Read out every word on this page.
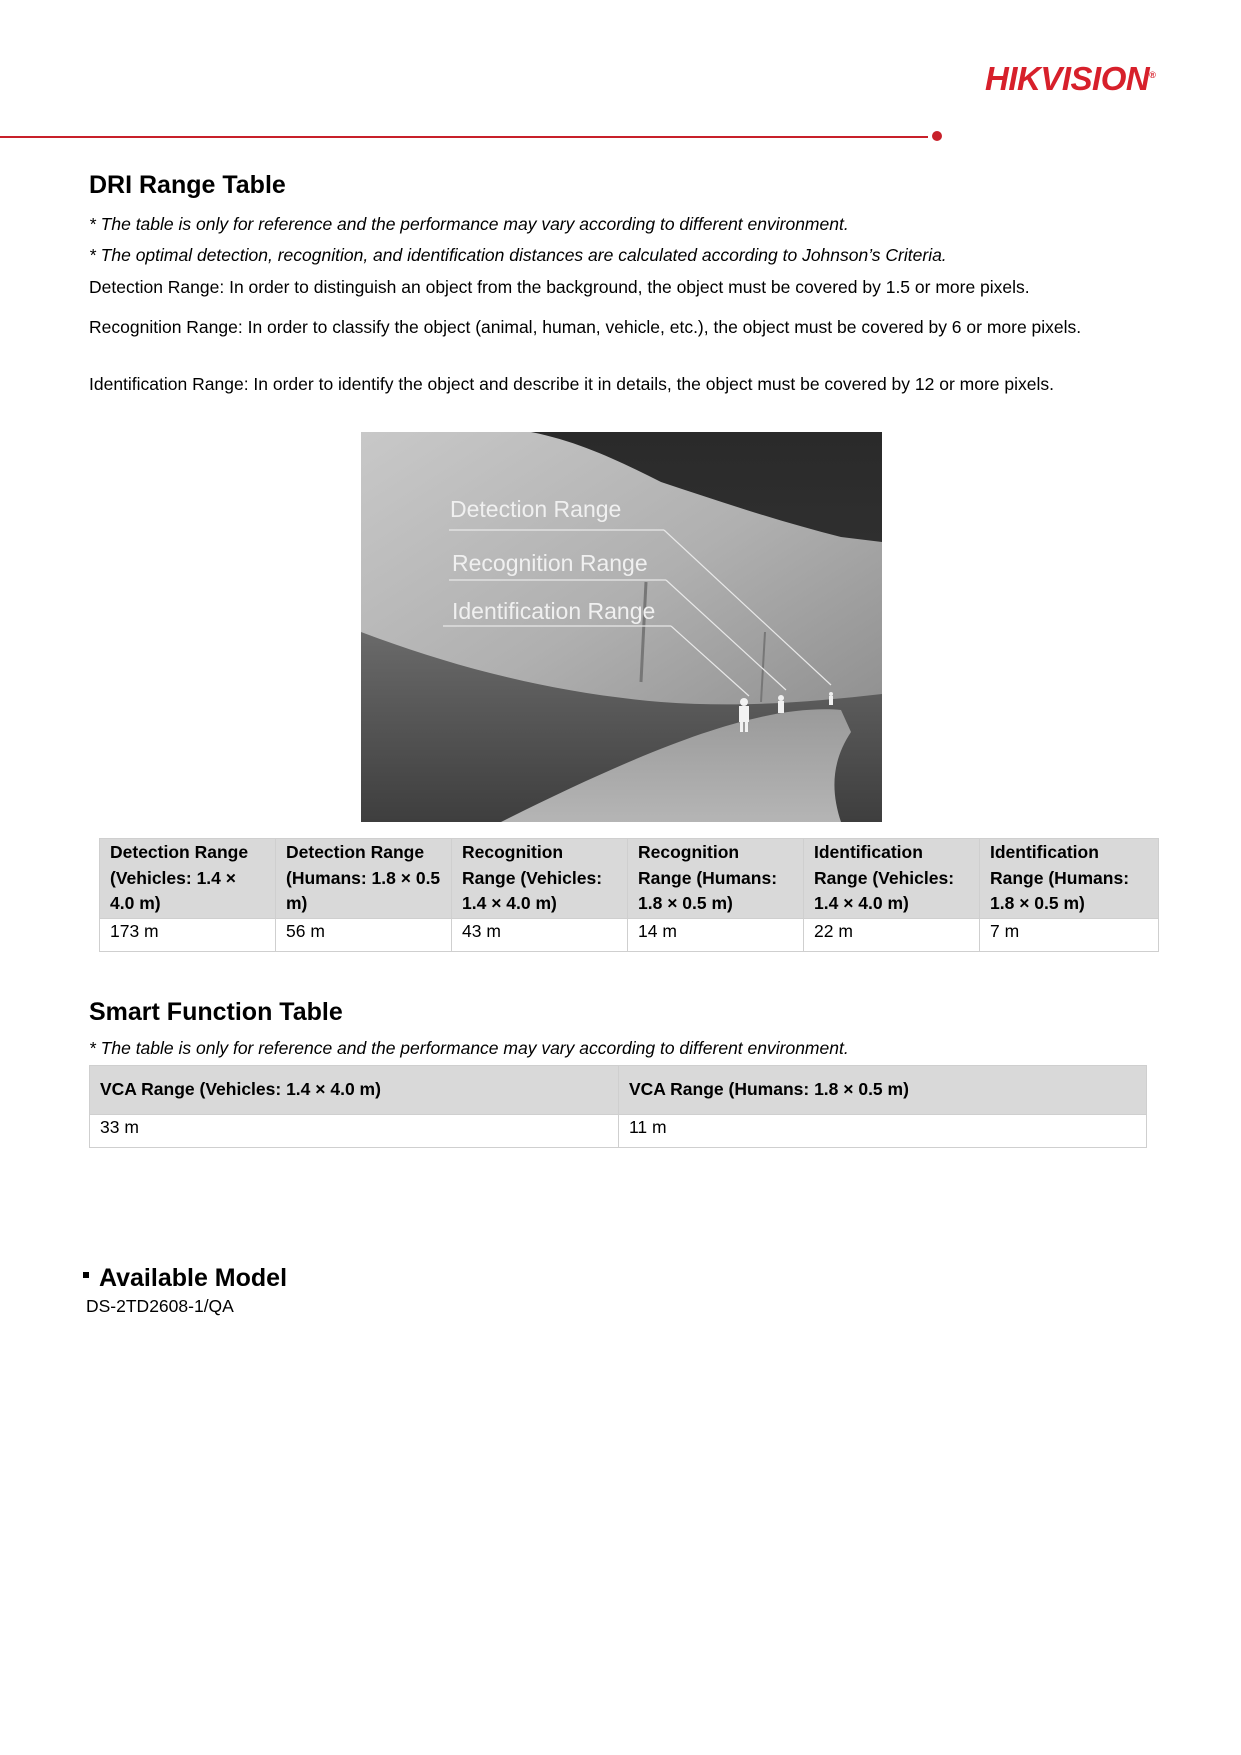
HIKVISION®
DRI Range Table

* The table is only for reference and the performance may vary according to different environment.

* The optimal detection, recognition, and identification distances are calculated according to Johnson’s Criteria.

Detection Range: In order to distinguish an object from the background, the object must be covered by 1.5 or more pixels.

Recognition Range: In order to classify the object (animal, human, vehicle, etc.), the object must be covered by 6 or more pixels.

Identification Range: In order to identify the object and describe it in details, the object must be covered by 12 or more pixels.

Detection Range
Recognition Range
Identification Range
Detection Range (Vehicles: 1.4 × 4.0 m)	Detection Range (Humans: 1.8 × 0.5 m)	Recognition Range (Vehicles: 1.4 × 4.0 m)	Recognition Range (Humans: 1.8 × 0.5 m)	Identification Range (Vehicles: 1.4 × 4.0 m)	Identification Range (Humans: 1.8 × 0.5 m)
173 m	56 m	43 m	14 m	22 m	7 m
Smart Function Table

* The table is only for reference and the performance may vary according to different environment.

VCA Range (Vehicles: 1.4 × 4.0 m)	VCA Range (Humans: 1.8 × 0.5 m)
33 m	11 m
Available Model
DS-2TD2608-1/QA
